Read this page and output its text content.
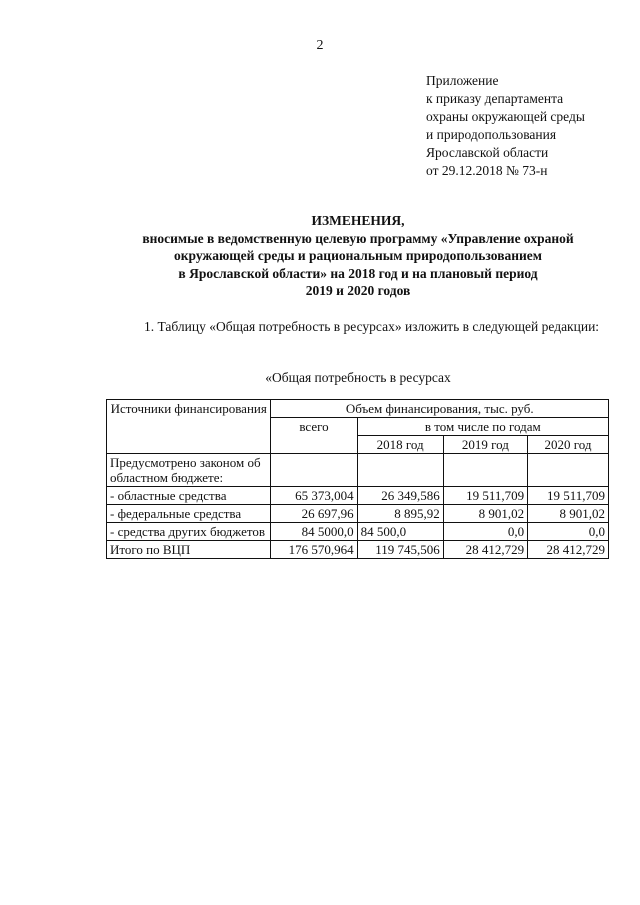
2
Приложение
к приказу департамента
охраны окружающей среды
и природопользования
Ярославской области
от 29.12.2018 № 73-н
ИЗМЕНЕНИЯ,
вносимые в ведомственную целевую программу «Управление охраной
окружающей среды и рациональным природопользованием
в Ярославской области» на 2018 год и на плановый период
2019 и 2020 годов
1. Таблицу «Общая потребность в ресурсах» изложить в следующей редакции:
«Общая потребность в ресурсах
Источники финансирования	Объем финансирования, тыс. руб.			
	всего	в том числе по годам		
		2018 год	2019 год	2020 год
Предусмотрено законом об областном бюджете:				
- областные средства	65 373,004	26 349,586	19 511,709	19 511,709
- федеральные средства	26 697,96	8 895,92	8 901,02	8 901,02
- средства других бюджетов	84 5000,0	84 500,0	0,0	0,0
Итого по ВЦП	176 570,964	119 745,506	28 412,729	28 412,729
